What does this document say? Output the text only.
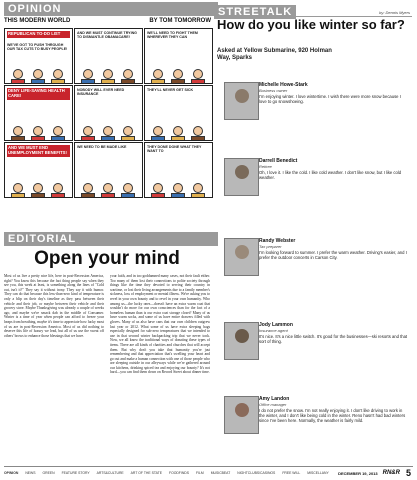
OPINION	STREETALK	by: Dennis Myers
THIS MODERN WORLD	BY TOM TOMORROW
REPUBLICAN TO-DO LIST
WE'VE GOT TO PUSH THROUGH OUR TAX CUTS TO BUSY PEOPLE!
AND WE MUST CONTINUE TRYING TO DISMANTLE OBAMACARE!
WE'LL NEED TO FIGHT THEM WHEREVER THEY CAN
DENY LIFE-SAVING HEALTH CARE!
NOBODY WILL EVER NEED INSURANCE
THEY'LL NEVER GET SICK
AND WE MUST END UNEMPLOYMENT BENEFITS!
WE NEED TO BE MADE LIKE	THEY DONE DONE WHAT THEY WANT TO
EDITORIAL
Open your mind
Most of us live a pretty nice life, here in post-Recession America, right? You know this because the fact thing people say when they see you, this week at least, is something along the lines of "Cold out, isn't it?" They say it without irony. They say it with humor. They can do that because this less-than-zero kind of temperature is only a blip on their day's timeline as they pass between their vehicle and their job, or maybe between their vehicle and their grocery store. Maybe Thanksgiving was already a couple of weeks ago, and maybe we're smack dab in the middle of Consumer. Winter is a time of year when people can afford to freeze your heaps from breathing, maybe it's time to appreciate how lucky most of us are in post-Recession America. Most of us did nothing to deserve this life of luxury we lead, but all of us use the sweat off others' brows to enhance those blessings that we have.
your faith, and in too goddamned many cases, not their fault either. Too many of them lost their connections to polite society through things like the time they devoted to serving their country in wartime, or lost their living arrangements due to a family member's sickness, loss of employment or mental illness. We're asking you to revel in your own bounty and to revel in your own humanity. Who among us—the lucky ones—doesn't have an extra warm coat that wouldn't do more for our own consciences than for the fact of a homeless human than is our extra coat storage closet? Many of us have warm socks, and some of us have entire drawers filled with gloves. Many of us also have cans that our own children outgrew last year or 2012. What some of us have extra sleeping bags especially designed for sub-zero temperatures that we intended to use in that second winter backpacking trip that we never took. Now, we all know the traditional ways of donating these types of items. There are all kinds of charities and churches that will accept them. But why don't you take that humanity you're just remembering and that appreciation that's swelling your heart and go out and make a human connection with one of those people who are sleeping outside in our alleyways while we're gathered around our kitchens, drinking spiced tea and enjoying our bounty? It's not hard—you can find them down on Record Street about dinner time.
How do you like winter so far?
Asked at Yellow Submarine, 920 Holman Way, Sparks
Michelle Howe-Stark
Business owner
I'm enjoying winter. I love wintertime. I wish there were more snow because I love to go snowshoeing.
Darrell Benedict
Retiree
Oh, I love it. I like the cold. I like cold weather. I don't like snow, but I like cold weather.
Randy Webster
Tax preparer
I'm looking forward to summer. I prefer the warm weather. Driving's easier, and I prefer the outdoor concerts in Carson City.
Jody Lammon
Insurance agent
It's nice. It's a nice little switch. It's good for the businesses—ski resorts and that sort of thing.
Amy Landon
Office manager
I do not prefer the snow. I'm not really enjoying it. I don't like driving to work in the winter, and I don't like being cold in the winter. Reno hasn't had bad winters since I've been here. Normally, the weather is fairly mild.
OPINION NEWS GREEN FEATURE STORY ARTS&CULTURE ART OF THE STATE FOODFINDS FILM MUSICBEAT NIGHTCLUBS/CASINOS FREE WILL MISCELLANY DECEMBER 19, 2013 RN&R 5
